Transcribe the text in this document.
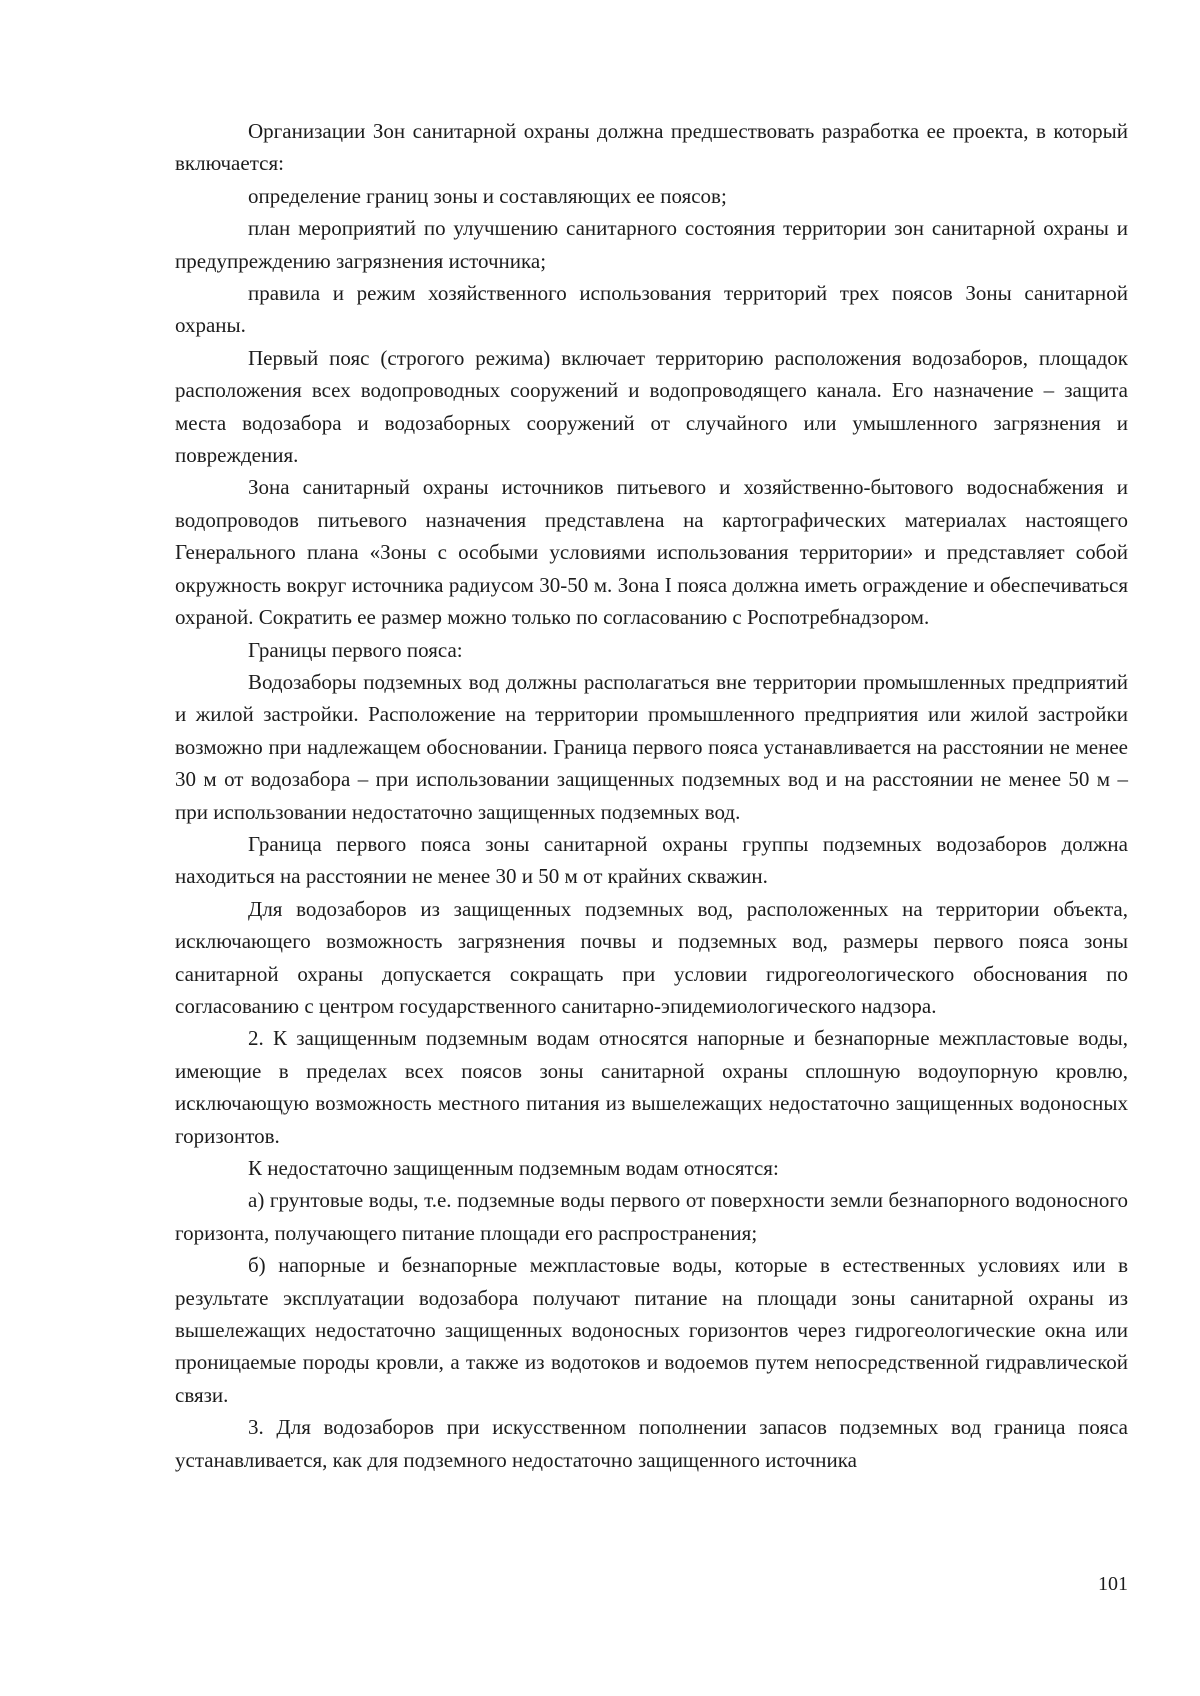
Организации Зон санитарной охраны должна предшествовать разработка ее проекта, в который включается:

определение границ зоны и составляющих ее поясов;

план мероприятий по улучшению санитарного состояния территории зон санитарной охраны и предупреждению загрязнения источника;

правила и режим хозяйственного использования территорий трех поясов Зоны санитарной охраны.

Первый пояс (строгого режима) включает территорию расположения водозаборов, площадок расположения всех водопроводных сооружений и водопроводящего канала. Его назначение – защита места водозабора и водозаборных сооружений от случайного или умышленного загрязнения и повреждения.

Зона санитарный охраны источников питьевого и хозяйственно-бытового водоснабжения и водопроводов питьевого назначения представлена на картографических материалах настоящего Генерального плана «Зоны с особыми условиями использования территории» и представляет собой окружность вокруг источника радиусом 30-50 м. Зона I пояса должна иметь ограждение и обеспечиваться охраной. Сократить ее размер можно только по согласованию с Роспотребнадзором.

Границы первого пояса:

Водозаборы подземных вод должны располагаться вне территории промышленных предприятий и жилой застройки. Расположение на территории промышленного предприятия или жилой застройки возможно при надлежащем обосновании. Граница первого пояса устанавливается на расстоянии не менее 30 м от водозабора – при использовании защищенных подземных вод и на расстоянии не менее 50 м – при использовании недостаточно защищенных подземных вод.

Граница первого пояса зоны санитарной охраны группы подземных водозаборов должна находиться на расстоянии не менее 30 и 50 м от крайних скважин.

Для водозаборов из защищенных подземных вод, расположенных на территории объекта, исключающего возможность загрязнения почвы и подземных вод, размеры первого пояса зоны санитарной охраны допускается сокращать при условии гидрогеологического обоснования по согласованию с центром государственного санитарно-эпидемиологического надзора.

2. К защищенным подземным водам относятся напорные и безнапорные межпластовые воды, имеющие в пределах всех поясов зоны санитарной охраны сплошную водоупорную кровлю, исключающую возможность местного питания из вышележащих недостаточно защищенных водоносных горизонтов.

К недостаточно защищенным подземным водам относятся:

а) грунтовые воды, т.е. подземные воды первого от поверхности земли безнапорного водоносного горизонта, получающего питание площади его распространения;

б) напорные и безнапорные межпластовые воды, которые в естественных условиях или в результате эксплуатации водозабора получают питание на площади зоны санитарной охраны из вышележащих недостаточно защищенных водоносных горизонтов через гидрогеологические окна или проницаемые породы кровли, а также из водотоков и водоемов путем непосредственной гидравлической связи.

3. Для водозаборов при искусственном пополнении запасов подземных вод граница пояса устанавливается, как для подземного недостаточно защищенного источника

101
